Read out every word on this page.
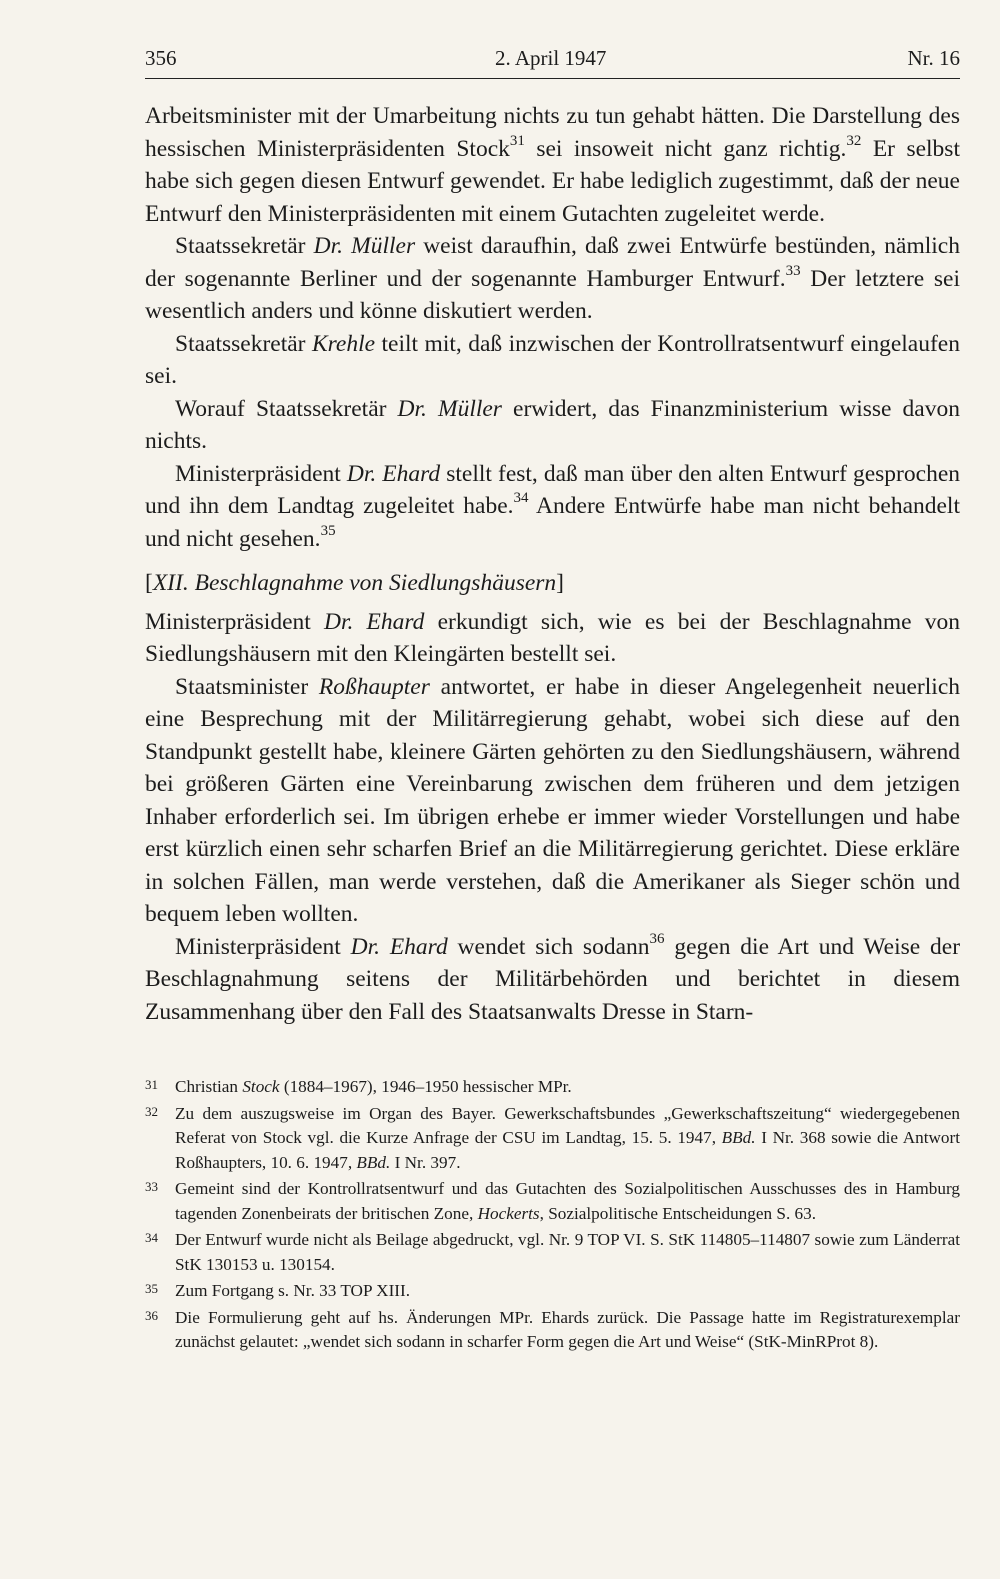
356	2. April 1947	Nr. 16

Arbeitsminister mit der Umarbeitung nichts zu tun gehabt hätten. Die Darstellung des hessischen Ministerpräsidenten Stock$^{31}$ sei insoweit nicht ganz richtig.$^{32}$ Er selbst habe sich gegen diesen Entwurf gewendet. Er habe lediglich zugestimmt, daß der neue Entwurf den Ministerpräsidenten mit einem Gutachten zugeleitet werde.

Staatssekretär Dr. Müller weist daraufhin, daß zwei Entwürfe bestünden, nämlich der sogenannte Berliner und der sogenannte Hamburger Entwurf.$^{33}$ Der letztere sei wesentlich anders und könne diskutiert werden.

Staatssekretär Krehle teilt mit, daß inzwischen der Kontrollratsentwurf eingelaufen sei.

Worauf Staatssekretär Dr. Müller erwidert, das Finanzministerium wisse davon nichts.

Ministerpräsident Dr. Ehard stellt fest, daß man über den alten Entwurf gesprochen und ihn dem Landtag zugeleitet habe.$^{34}$ Andere Entwürfe habe man nicht behandelt und nicht gesehen.$^{35}$

[XII. Beschlagnahme von Siedlungshäusern]

Ministerpräsident Dr. Ehard erkundigt sich, wie es bei der Beschlagnahme von Siedlungshäusern mit den Kleingärten bestellt sei.

Staatsminister Roßhaupter antwortet, er habe in dieser Angelegenheit neuerlich eine Besprechung mit der Militärregierung gehabt, wobei sich diese auf den Standpunkt gestellt habe, kleinere Gärten gehörten zu den Siedlungshäusern, während bei größeren Gärten eine Vereinbarung zwischen dem früheren und dem jetzigen Inhaber erforderlich sei. Im übrigen erhebe er immer wieder Vorstellungen und habe erst kürzlich einen sehr scharfen Brief an die Militärregierung gerichtet. Diese erkläre in solchen Fällen, man werde verstehen, daß die Amerikaner als Sieger schön und bequem leben wollten.

Ministerpräsident Dr. Ehard wendet sich sodann$^{36}$ gegen die Art und Weise der Beschlagnahmung seitens der Militärbehörden und berichtet in diesem Zusammenhang über den Fall des Staatsanwalts Dresse in Starn-

31 Christian Stock (1884–1967), 1946–1950 hessischer MPr.
32 Zu dem auszugsweise im Organ des Bayer. Gewerkschaftsbundes „Gewerkschaftszeitung“ wiedergegebenen Referat von Stock vgl. die Kurze Anfrage der CSU im Landtag, 15. 5. 1947, BBd. I Nr. 368 sowie die Antwort Roßhaupters, 10. 6. 1947, BBd. I Nr. 397.
33 Gemeint sind der Kontrollratsentwurf und das Gutachten des Sozialpolitischen Ausschusses des in Hamburg tagenden Zonenbeirats der britischen Zone, Hockerts, Sozialpolitische Entscheidungen S. 63.
34 Der Entwurf wurde nicht als Beilage abgedruckt, vgl. Nr. 9 TOP VI. S. StK 114805–114807 sowie zum Länderrat StK 130153 u. 130154.
35 Zum Fortgang s. Nr. 33 TOP XIII.
36 Die Formulierung geht auf hs. Änderungen MPr. Ehards zurück. Die Passage hatte im Registraturexemplar zunächst gelautet: „wendet sich sodann in scharfer Form gegen die Art und Weise“ (StK-MinRProt 8).
